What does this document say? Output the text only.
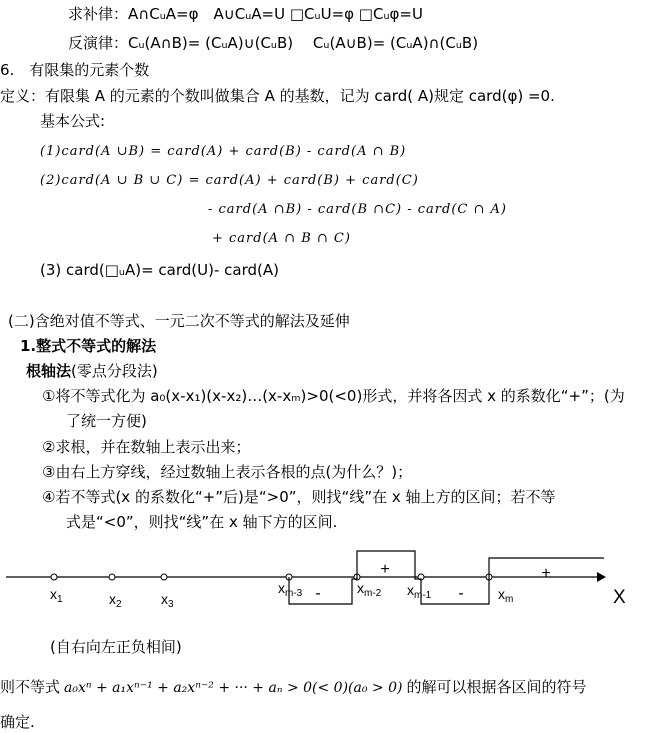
求补律：A∩CᵤA=φ　A∪CᵤA=U □CᵤU=φ □Cᵤφ=U
反演律：Cᵤ(A∩B)= (CᵤA)∪(CᵤB)　 Cᵤ(A∪B)= (CᵤA)∩(CᵤB)
6.　有限集的元素个数
定义：有限集 A 的元素的个数叫做集合 A 的基数，记为 card( A)规定 card(φ) =0.
基本公式:
(1)card(A ∪B) = card(A) + card(B) - card(A ∩ B)
(2)card(A ∪ B ∪ C) = card(A) + card(B) + card(C)
- card(A ∩B) - card(B ∩C) - card(C ∩ A)
+ card(A ∩ B ∩ C)
(3) card(□ᵤA)= card(U)- card(A)
(二)含绝对值不等式、一元二次不等式的解法及延伸
1.整式不等式的解法
根轴法(零点分段法)
①将不等式化为 a₀(x-x₁)(x-x₂)…(x-xₘ)>0(<0)形式，并将各因式 x 的系数化“+”；(为
了统一方便)
②求根，并在数轴上表示出来；
③由右上方穿线，经过数轴上表示各根的点(为什么？)；
④若不等式(x 的系数化“+”后)是“>0”，则找“线”在 x 轴上方的区间；若不等
式是“<0”，则找“线”在 x 轴下方的区间.
-
+
-
+
X
$x_1$	$x_2$	$x_3$
$x_{m-3}$	$x_{m-2}$ $x_{m-1}$	$x_m$
(自右向左正负相间)
则不等式 a₀xⁿ + a₁xⁿ⁻¹ + a₂xⁿ⁻² + ··· + aₙ > 0(< 0)(a₀ > 0) 的解可以根据各区间的符号
确定.
